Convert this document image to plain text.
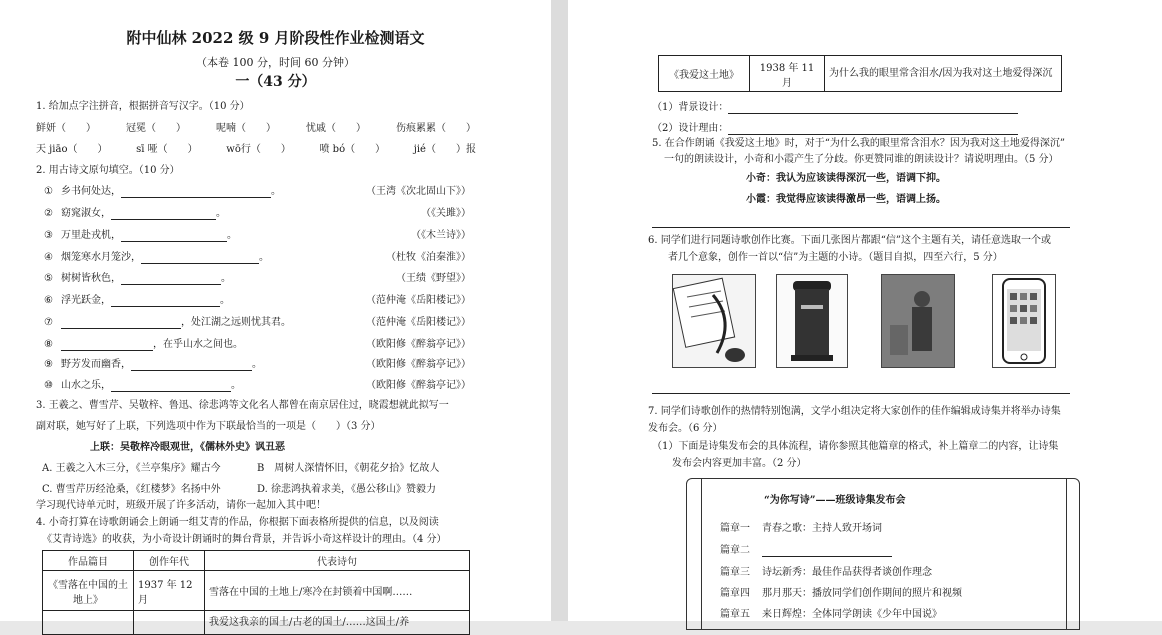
附中仙林 2022 级 9 月阶段性作业检测语文
（本卷 100 分，时间 60 分钟）
一（43 分）
1. 给加点字注拼音，根据拼音写汉字。（10 分）
鲜妍（　　）	冠冕（　　）	呢喃（　　）	忧戚（　　）	伤痕累累（　　）
天 jiāo（　　）	sī 哑（　　）	wō行（　　）	喷 bó（　　）	jié（　　）报
2. 用古诗文原句填空。（10 分）
① 乡书何处达，	。	（王湾《次北固山下》）
② 窈窕淑女，	。	（《关雎》）
③ 万里赴戎机，	。	（《木兰诗》）
④ 烟笼寒水月笼沙，	。	（杜牧《泊秦淮》）
⑤ 树树皆秋色，	。	（王绩《野望》）
⑥ 浮光跃金，	。	（范仲淹《岳阳楼记》）
⑦	，处江湖之远则忧其君。	（范仲淹《岳阳楼记》）
⑧	，在乎山水之间也。	（欧阳修《醉翁亭记》）
⑨ 野芳发而幽香，	。	（欧阳修《醉翁亭记》）
⑩ 山水之乐，	。	（欧阳修《醉翁亭记》）
3. 王羲之、曹雪芹、吴敬梓、鲁迅、徐悲鸿等文化名人都曾在南京居住过，晓霞想就此拟写一
副对联，她写好了上联，下列选项中作为下联最恰当的一项是（　　）（3 分）
上联：吴敬梓冷眼观世，《儒林外史》讽丑恶
A. 王羲之入木三分，《兰亭集序》耀古今	B　周树人深情怀旧，《朝花夕拾》忆故人
C. 曹雪芹历经沧桑，《红楼梦》名扬中外	D. 徐悲鸿执着求美，《愚公移山》赞毅力
学习现代诗单元时，班级开展了许多活动，请你一起加入其中吧！
4. 小奇打算在诗歌朗诵会上朗诵一组艾青的作品，你根据下面表格所提供的信息，以及阅读
《艾青诗选》的收获，为小奇设计朗诵时的舞台背景，并告诉小奇这样设计的理由。（4 分）
作品篇目	创作年代	代表诗句
《雪落在中国的土地上》	1937 年 12 月	雪落在中国的土地上/寒冷在封锁着中国啊……
		我爱这我亲的国土/古老的国土/……这国土/养
《我爱这土地》	1938 年 11 月	为什么我的眼里常含泪水/因为我对这土地爱得深沉
（1）背景设计：
（2）设计理由：
5. 在合作朗诵《我爱这土地》时，对于“为什么我的眼里常含泪水？因为我对这土地爱得深沉”
一句的朗读设计，小奇和小霞产生了分歧。你更赞同谁的朗读设计？请说明理由。（5 分）
小奇：我认为应该读得深沉一些，语调下抑。
小霞：我觉得应该读得激昂一些，语调上扬。
6. 同学们进行同题诗歌创作比赛。下面几张图片都跟“信”这个主题有关，请任意选取一个或
者几个意象，创作一首以“信”为主题的小诗。（题目自拟，四至六行，5 分）
7. 同学们诗歌创作的热情特别饱满，文学小组决定将大家创作的佳作编辑成诗集并将举办诗集
发布会。（6 分）
（1）下面是诗集发布会的具体流程，请你参照其他篇章的格式，补上篇章二的内容，让诗集
发布会内容更加丰富。（2 分）
“为你写诗”——班级诗集发布会
篇章一 青春之歌：主持人致开场词
篇章二
篇章三 诗坛新秀：最佳作品获得者谈创作理念
篇章四 那月那天：播放同学们创作期间的照片和视频
篇章五 来日辉煌：全体同学朗读《少年中国说》
